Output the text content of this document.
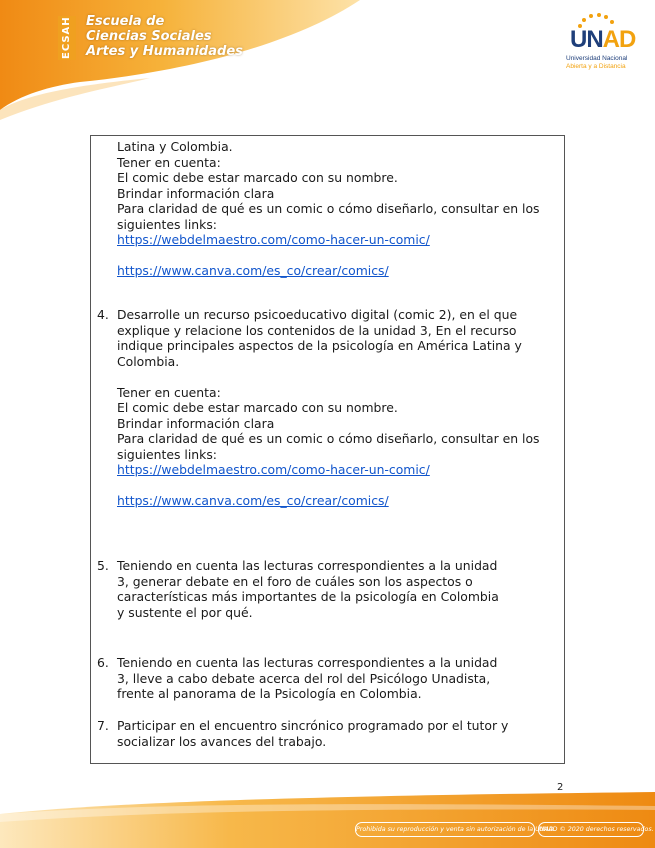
ECSAH	Escuela de
Ciencias Sociales
Artes y Humanidades	UNAD
Universidad Nacional
Abierta y a Distancia
Latina y Colombia.
Tener en cuenta:
El comic debe estar marcado con su nombre.
Brindar información clara
Para claridad de qué es un comic o cómo diseñarlo, consultar en los
siguientes links:
https://webdelmaestro.com/como-hacer-un-comic/
https://www.canva.com/es_co/crear/comics/
4. Desarrolle un recurso psicoeducativo digital (comic 2), en el que
explique y relacione los contenidos de la unidad 3, En el recurso
indique principales aspectos de la psicología en América Latina y
Colombia.
Tener en cuenta:
El comic debe estar marcado con su nombre.
Brindar información clara
Para claridad de qué es un comic o cómo diseñarlo, consultar en los
siguientes links:
https://webdelmaestro.com/como-hacer-un-comic/
https://www.canva.com/es_co/crear/comics/
5. Teniendo en cuenta las lecturas correspondientes a la unidad
3, generar debate en el foro de cuáles son los aspectos o
características más importantes de la psicología en Colombia
y sustente el por qué.
6. Teniendo en cuenta las lecturas correspondientes a la unidad
3, lleve a cabo debate acerca del rol del Psicólogo Unadista,
frente al panorama de la Psicología en Colombia.
7. Participar en el encuentro sincrónico programado por el tutor y
socializar los avances del trabajo.
2
Prohibida su reproducción y venta sin autorización de la UNAD.
UNAD © 2020 derechos reservados.
